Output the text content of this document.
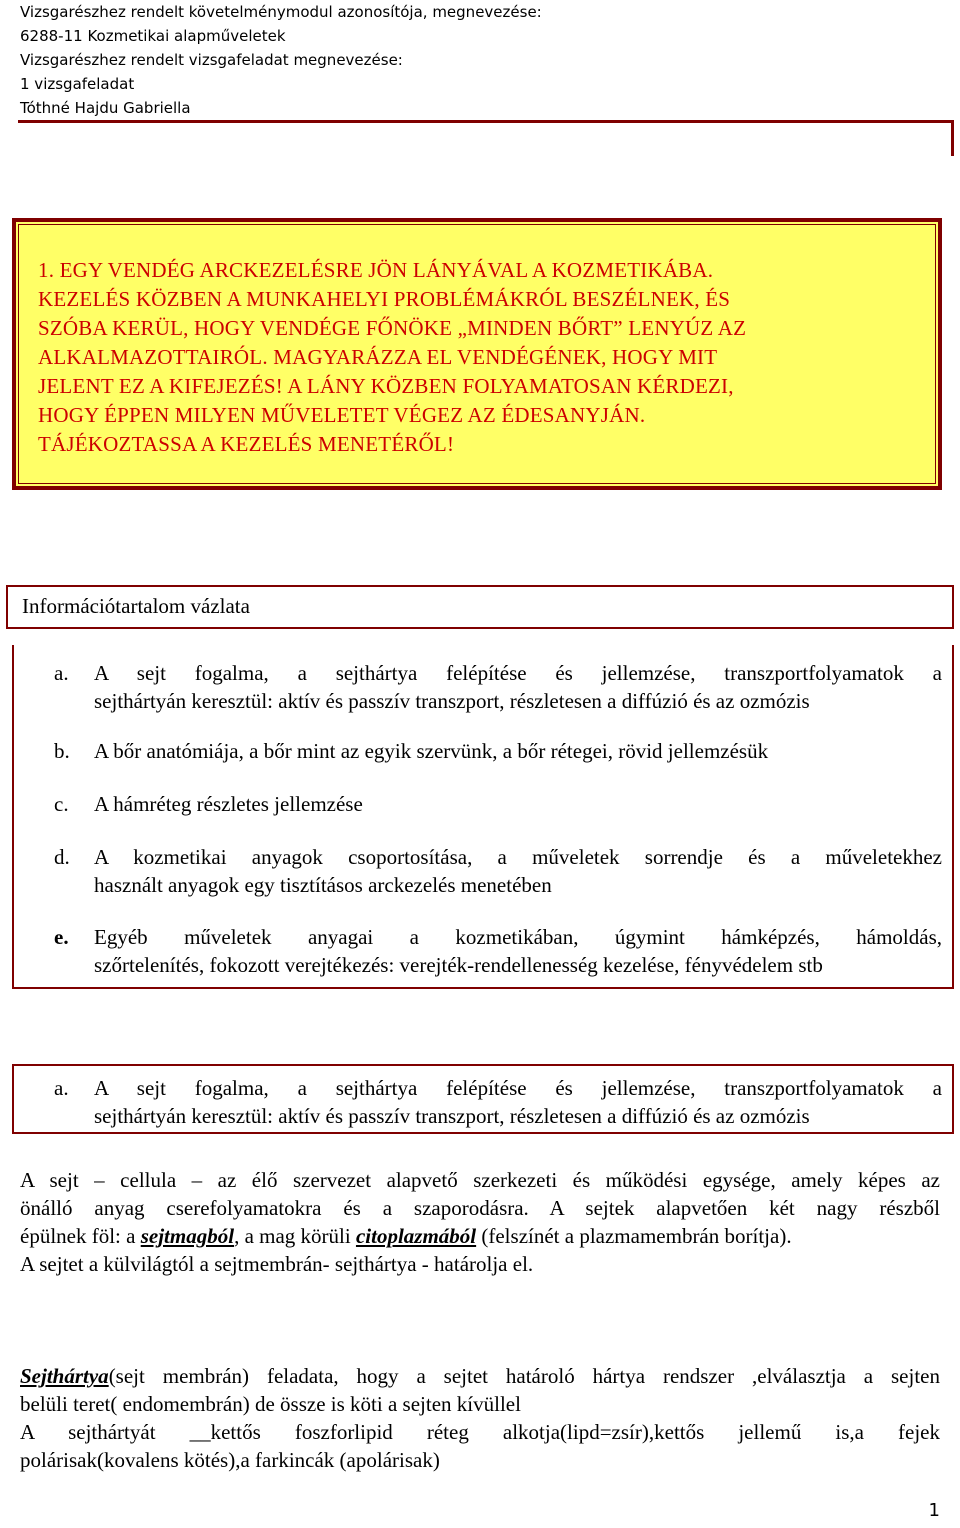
Vizsgarészhez rendelt követelménymodul azonosítója, megnevezése:
6288-11 Kozmetikai alapműveletek
Vizsgarészhez rendelt vizsgafeladat megnevezése:
1 vizsgafeladat
Tóthné Hajdu Gabriella
1. EGY VENDÉG ARCKEZELÉSRE JÖN LÁNYÁVAL A KOZMETIKÁBA.
KEZELÉS KÖZBEN A MUNKAHELYI PROBLÉMÁKRÓL BESZÉLNEK, ÉS
SZÓBA KERÜL, HOGY VENDÉGE FŐNÖKE „MINDEN BŐRT” LENYÚZ AZ
ALKALMAZOTTAIRÓL. MAGYARÁZZA EL VENDÉGÉNEK, HOGY MIT
JELENT EZ A KIFEJEZÉS! A LÁNY KÖZBEN FOLYAMATOSAN KÉRDEZI,
HOGY ÉPPEN MILYEN MŰVELETET VÉGEZ AZ ÉDESANYJÁN.
TÁJÉKOZTASSA A KEZELÉS MENETÉRŐL!
Információtartalom vázlata
a. A sejt fogalma, a sejthártya felépítése és jellemzése, transzportfolyamatok a
sejthártyán keresztül: aktív és passzív transzport, részletesen a diffúzió és az ozmózis
b. A bőr anatómiája, a bőr mint az egyik szervünk, a bőr rétegei, rövid jellemzésük
c. A hámréteg részletes jellemzése
d. A kozmetikai anyagok csoportosítása, a műveletek sorrendje és a műveletekhez
használt anyagok egy tisztításos arckezelés menetében
e. Egyéb műveletek anyagai a kozmetikában, úgymint hámképzés, hámoldás,
szőrtelenítés, fokozott verejtékezés: verejték-rendellenesség kezelése, fényvédelem stb
a. A sejt fogalma, a sejthártya felépítése és jellemzése, transzportfolyamatok a
sejthártyán keresztül: aktív és passzív transzport, részletesen a diffúzió és az ozmózis
A sejt – cellula – az élő szervezet alapvető szerkezeti és működési egysége, amely képes az
önálló anyag cserefolyamatokra és a szaporodásra. A sejtek alapvetően két nagy részből
épülnek föl: a sejtmagból, a mag körüli citoplazmából (felszínét a plazmamembrán borítja).
A sejtet a külvilágtól a sejtmembrán- sejthártya - határolja el.
Sejthártya(sejt membrán) feladata, hogy a sejtet határoló hártya rendszer ,elválasztja a sejten
belüli teret( endomembrán) de össze is köti a sejten kívüllel
A sejthártyát __kettős foszforlipid réteg alkotja(lipd=zsír),kettős jellemű is,a fejek
polárisak(kovalens kötés),a farkincák (apolárisak)
1
